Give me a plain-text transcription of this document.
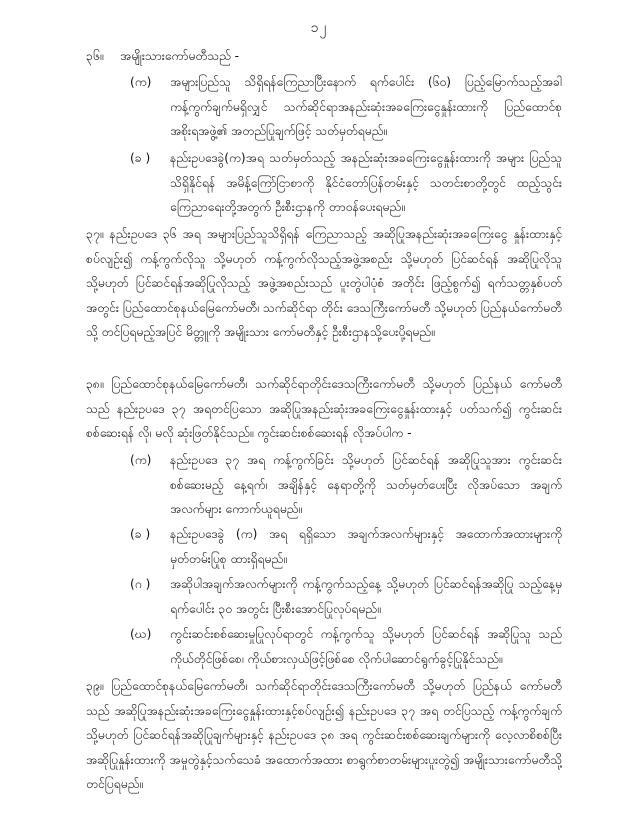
၁၂
၃၆။ အမျိုးသားကော်မတီသည် -
(က) အများပြည်သူ သိရှိရန်ကြေညာပြီးနောက် ရက်ပေါင်း (၆၀) ပြည့်မြောက်သည့်အခါ ကန့်ကွက်ချက်မရှိလျှင် သက်ဆိုင်ရာအနည်းဆုံးအခကြေးငွေနှုန်းထားကို ပြည်ထောင်စု အစိုးရအဖွဲ့၏ အတည်ပြုချက်ဖြင့် သတ်မှတ်ရမည်။

(ခ ) နည်းဥပဒေခွဲ(က)အရ သတ်မှတ်သည့် အနည်းဆုံးအခကြေးငွေနှုန်းထားကို အများ ပြည်သူသိရှိနိုင်ရန် အမိန့်ကြော်ငြာစာကို နိုင်ငံတော်ပြန်တမ်းနှင့် သတင်းစာတို့တွင် ထည့်သွင်းကြေညာရေးတို့အတွက် ဦးစီးဌာနကို တာဝန်ပေးရမည်။

၃၇။ နည်းဥပဒေ ၃၆ အရ အများပြည်သူသိရှိရန် ကြေညာသည့် အဆိုပြုအနည်းဆုံးအခကြေးငွေ နှုန်းထားနှင့်စပ်လျဉ်း၍ ကန့်ကွက်လိုသူ သို့မဟုတ် ကန့်ကွက်လိုသည့်အဖွဲ့အစည်း သို့မဟုတ် ပြင်ဆင်ရန် အဆိုပြုလိုသူ သို့မဟုတ် ပြင်ဆင်ရန်အဆိုပြုလိုသည့် အဖွဲ့အစည်းသည် ပူးတွဲပါပုံစံ အတိုင်း ဖြည့်စွက်၍ ရက်သတ္တနှစ်ပတ်အတွင်း ပြည်ထောင်စုနယ်မြေကော်မတီ၊ သက်ဆိုင်ရာ တိုင်း ဒေသကြီးကော်မတီ သို့မဟုတ် ပြည်နယ်ကော်မတီသို့ တင်ပြရမည့်အပြင် မိတ္တူကို အမျိုးသား ကော်မတီနှင့် ဦးစီးဌာနသို့ပေးပို့ရမည်။

၃၈။ ပြည်ထောင်စုနယ်မြေကော်မတီ၊ သက်ဆိုင်ရာတိုင်းဒေသကြီးကော်မတီ သို့မဟုတ် ပြည်နယ် ကော်မတီသည် နည်းဥပဒေ ၃၇ အရတင်ပြသော အဆိုပြုအနည်းဆုံးအခကြေးငွေနှုန်းထားနှင့် ပတ်သက်၍ ကွင်းဆင်းစစ်ဆေးရန် လို၊ မလို ဆုံးဖြတ်နိုင်သည်။ ကွင်းဆင်းစစ်ဆေးရန် လိုအပ်ပါက -

(က) နည်းဥပဒေ ၃၇ အရ ကန့်ကွက်ခြင်း သို့မဟုတ် ပြင်ဆင်ရန် အဆိုပြုသူအား ကွင်းဆင်း စစ်ဆေးမည့် နေ့ရက်၊ အချိန်နှင့် နေရာတို့ကို သတ်မှတ်ပေးပြီး လိုအပ်သော အချက် အလက်များ ကောက်ယူရမည်။

(ခ ) နည်းဥပဒေခွဲ (က) အရ ရရှိသော အချက်အလက်များနှင့် အထောက်အထားများကို မှတ်တမ်းပြုစု ထားရှိရမည်။

(ဂ ) အဆိုပါအချက်အလက်များကို ကန့်ကွက်သည့်နေ့ သို့မဟုတ် ပြင်ဆင်ရန်အဆိုပြု သည့်နေ့မှ ရက်ပေါင်း ၃၀ အတွင်း ပြီးစီးအောင်ပြုလုပ်ရမည်။

(ဃ) ကွင်းဆင်းစစ်ဆေးမှုပြုလုပ်ရာတွင် ကန့်ကွက်သူ သို့မဟုတ် ပြင်ဆင်ရန် အဆိုပြုသူ သည်ကိုယ်တိုင်ဖြစ်စေ၊ ကိုယ်စားလှယ်ဖြင့်ဖြစ်စေ လိုက်ပါဆောင်ရွက်ခွင့်ပြုနိုင်သည်။

၃၉။ ပြည်ထောင်စုနယ်မြေကော်မတီ၊ သက်ဆိုင်ရာတိုင်းဒေသကြီးကော်မတီ သို့မဟုတ် ပြည်နယ် ကော်မတီသည် အဆိုပြုအနည်းဆုံးအခကြေးငွေနှုန်းထားနှင့်စပ်လျဉ်း၍ နည်းဥပဒေ ၃၇ အရ တင်ပြသည့် ကန့်ကွက်ချက် သို့မဟုတ် ပြင်ဆင်ရန်အဆိုပြုချက်များနှင့် နည်းဥပဒေ ၃၈ အရ ကွင်းဆင်းစစ်ဆေးချက်များကို လေ့လာစိစစ်ပြီး အဆိုပြုနှုန်းထားကို အမှုတွဲနှင့်သက်သေခံ အထောက်အထား စာရွက်စာတမ်းများပူးတွဲ၍ အမျိုးသားကော်မတီသို့ တင်ပြရမည်။
